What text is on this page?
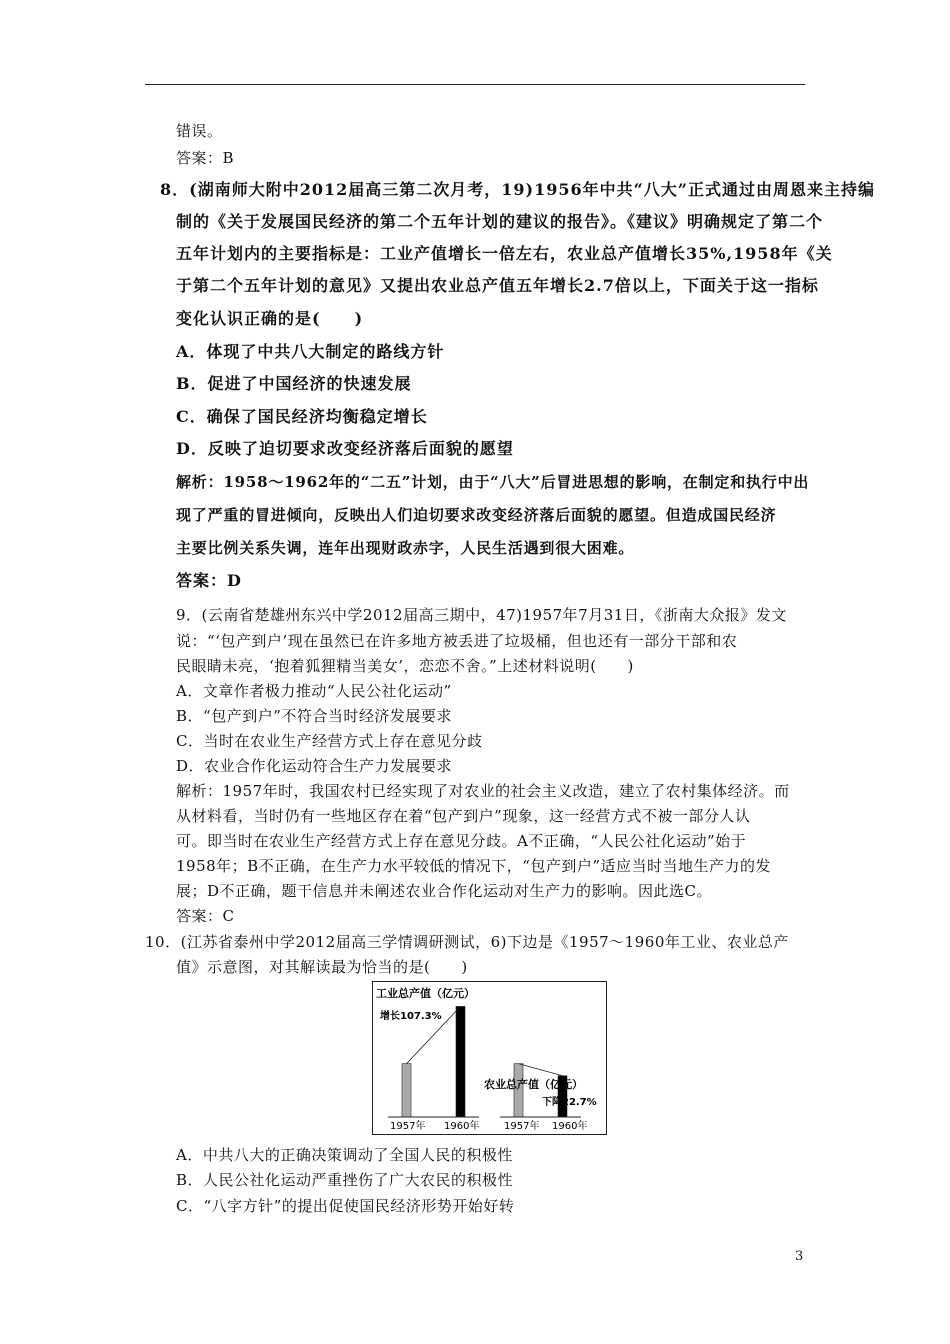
错误。
答案：B
8．(湖南师大附中2012届高三第二次月考，19)1956年中共“八大”正式通过由周恩来主持编
制的《关于发展国民经济的第二个五年计划的建议的报告》。《建议》明确规定了第二个
五年计划内的主要指标是：工业产值增长一倍左右，农业总产值增长35%,1958年《关
于第二个五年计划的意见》又提出农业总产值五年增长2.7倍以上，下面关于这一指标
变化认识正确的是(　　)
A．体现了中共八大制定的路线方针
B．促进了中国经济的快速发展
C．确保了国民经济均衡稳定增长
D．反映了迫切要求改变经济落后面貌的愿望
解析：1958～1962年的“二五”计划，由于“八大”后冒进思想的影响，在制定和执行中出
现了严重的冒进倾向，反映出人们迫切要求改变经济落后面貌的愿望。但造成国民经济
主要比例关系失调，连年出现财政赤字，人民生活遇到很大困难。
答案：D
9．(云南省楚雄州东兴中学2012届高三期中，47)1957年7月31日，《浙南大众报》发文
说：“‘包产到户’现在虽然已在许多地方被丢进了垃圾桶，但也还有一部分干部和农
民眼睛未亮，‘抱着狐狸精当美女’，恋恋不舍。”上述材料说明(　　)
A．文章作者极力推动“人民公社化运动”
B．“包产到户”不符合当时经济发展要求
C．当时在农业生产经营方式上存在意见分歧
D．农业合作化运动符合生产力发展要求
解析：1957年时，我国农村已经实现了对农业的社会主义改造，建立了农村集体经济。而
从材料看，当时仍有一些地区存在着“包产到户”现象，这一经营方式不被一部分人认
可。即当时在农业生产经营方式上存在意见分歧。A不正确，“人民公社化运动”始于
1958年；B不正确，在生产力水平较低的情况下，“包产到户”适应当时当地生产力的发
展；D不正确，题干信息并未阐述农业合作化运动对生产力的影响。因此选C。
答案：C
10．(江苏省泰州中学2012届高三学情调研测试，6)下边是《1957～1960年工业、农业总产
值》示意图，对其解读最为恰当的是(　　)
A．中共八大的正确决策调动了全国人民的积极性
B．人民公社化运动严重挫伤了广大农民的积极性
C．“八字方针”的提出促使国民经济形势开始好转
工业总产值（亿元）
增长107.3%
农业总产值（亿元）
下降22.7%
1957年 1960年 1957年 1960年
3
